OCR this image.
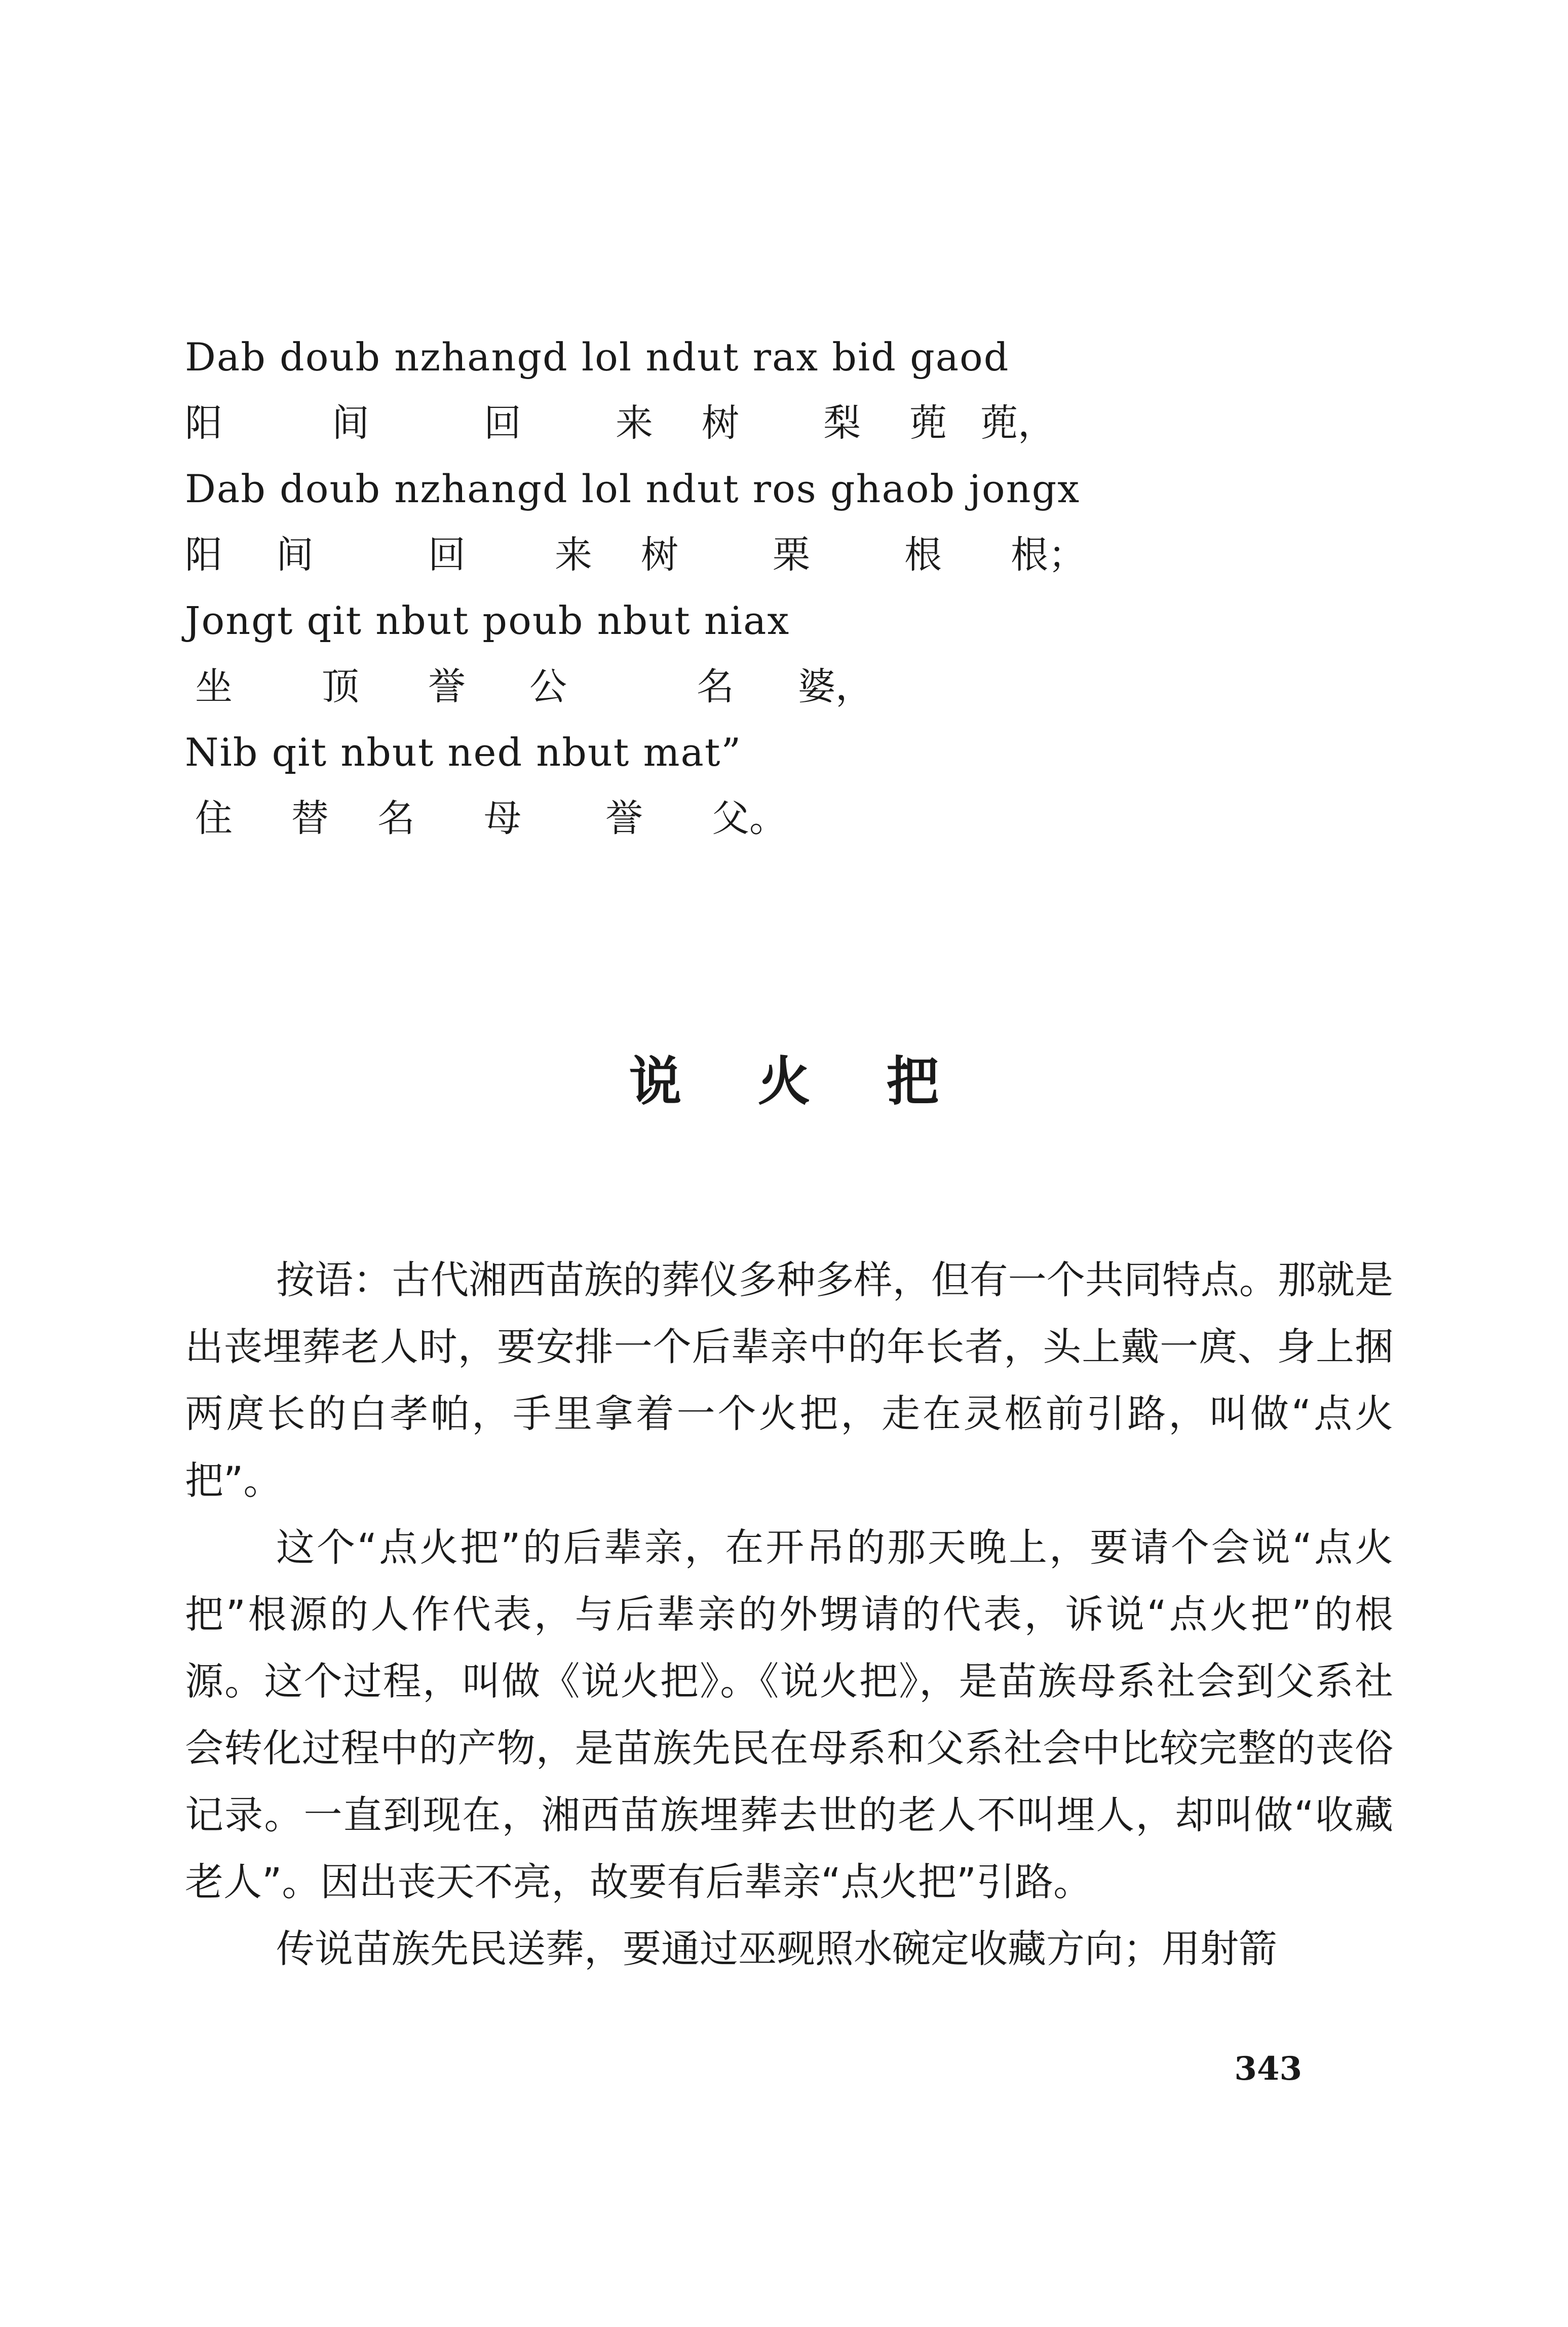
Dab doub nzhangd lol ndut rax bid gaod
阳	间	回	来	树	梨	蔸 蔸，
Dab doub nzhangd lol ndut ros ghaob jongx
阳	间	回	来	树	栗	根	根；
Jongt qit nbut poub nbut niax
坐	顶	誉	公	名	婆，
Nib qit nbut ned nbut mat”
住	替	名	母	誉	父。
说火把

按语：古代湘西苗族的葬仪多种多样，但有一个共同特点。那就是出丧埋葬老人时，要安排一个后辈亲中的年长者，头上戴一庹、身上捆两庹长的白孝帕，手里拿着一个火把，走在灵柩前引路，叫做“点火把”。

这个“点火把”的后辈亲，在开吊的那天晚上，要请个会说“点火把”根源的人作代表，与后辈亲的外甥请的代表，诉说“点火把”的根源。这个过程，叫做《说火把》。《说火把》，是苗族母系社会到父系社会转化过程中的产物，是苗族先民在母系和父系社会中比较完整的丧俗记录。一直到现在，湘西苗族埋葬去世的老人不叫埋人，却叫做“收藏老人”。因出丧天不亮，故要有后辈亲“点火把”引路。

传说苗族先民送葬，要通过巫觋照水碗定收藏方向；用射箭

343
